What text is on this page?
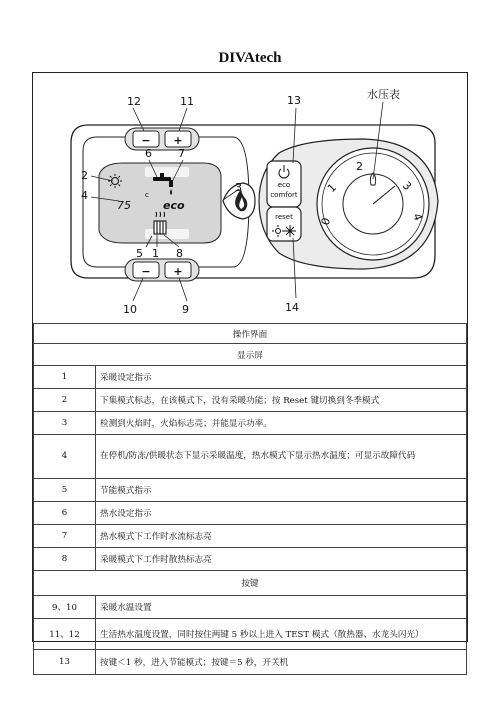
DIVAtech
− +
− +
75
c
eco
eco
comfort
reset 0
1
2
3
4
水压表
12	11
6 7
2
4
3
5 1 8
10	9
13
14
操作界面	
显示屏	
1	采暖设定指示
2	下集模式标志，在该模式下，没有采暖功能；按 Reset 键切换到冬季模式
3	检测到火焰时，火焰标志亮；并能显示功率。
4	在停机/防冻/供暖状态下显示采暖温度，热水模式下显示热水温度；可显示故障代码
5	节能模式指示
6	热水设定指示
7	热水模式下工作时水流标志亮
8	采暖模式下工作时散热标志亮
按键	
9、10	采暖水温设置
11、12	生活热水温度设置，同时按住两键 5 秒以上进入 TEST 模式（散热器、水龙头闪光）
13	按键＜1 秒，进入节能模式；按键＝5 秒，开关机
